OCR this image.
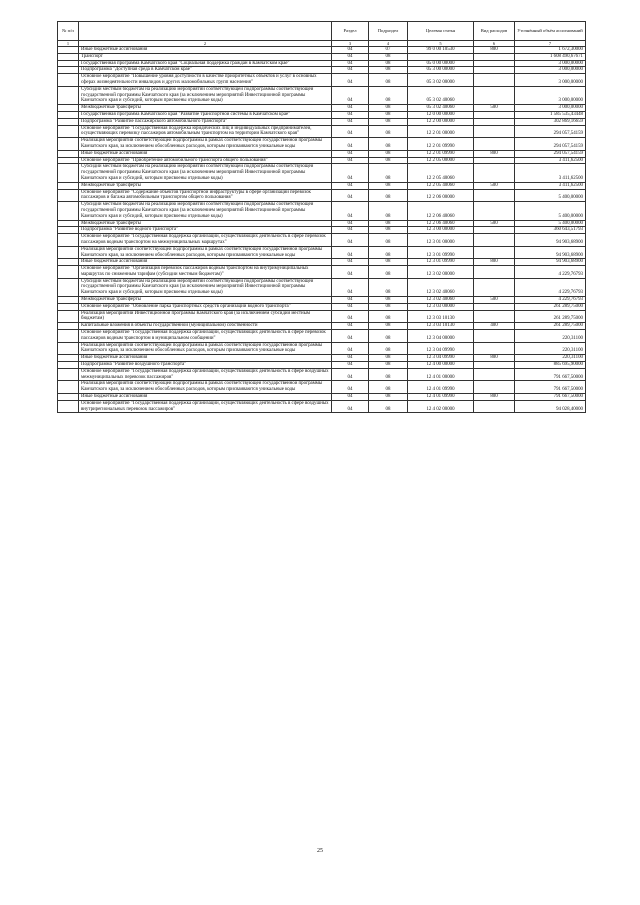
№ п/п		Раздел	Подраздел	Целевая статья	Вид расходов	Уточнённый объём ассигнований
1	2	3	4	5	6	7
	Иные бюджетные ассигнования	04	07	99 0 00 10530	800	1 672,30000
	Транспорт	04	08			1 608 490,67671
	Государственная программа Камчатского края "Социальная поддержка граждан в Камчатском крае"	04	08	05 0 00 00000		3 000,00000
	Подпрограмма "Доступная среда в Камчатском крае"	04	08	05 3 00 00000		3 000,00000
	Основное мероприятие "Повышение уровня доступности в качестве приоритетных объектов и услуг в основных сферах жизнедеятельности инвалидов и других маломобильных групп населения"	04	08	05 3 02 00000		3 000,00000
	Субсидии местным бюджетам на реализацию мероприятий соответствующей подпрограммы соответствующей государственной программы Камчатского края (за исключением мероприятий Инвестиционной программы Камчатского края и субсидий, которым присвоены отдельные коды)	04	08	05 3 02 40060		3 000,00000
	Межбюджетные трансферты	04	08	05 3 02 40060	500	3 000,00000
	Государственная программа Камчатского края "Развитие транспортной системы в Камчатском крае"	04	08	12 0 00 00000		1 585 535,43448
	Подпрограмма "Развитие пассажирского автомобильного транспорта"	04	08	12 2 00 00000		302 869,16659
	Основное мероприятие "Государственная поддержка юридических лиц и индивидуальных предпринимателей, осуществляющих перевозку пассажиров автомобильным транспортом на территории Камчатского края"	04	08	12 2 01 00000		294 057,54159
	Реализация мероприятий соответствующей подпрограммы в рамках соответствующей государственной программы Камчатского края, за исключением обособленных расходов, которым присваиваются уникальные коды	04	08	12 2 01 09990		294 057,54159
	Иные бюджетные ассигнования	04	08	12 2 01 09990	800	294 057,54159
	Основное мероприятие "Приобретение автомобильного транспорта общего пользования"	04	08	12 2 05 00000		3 411,62500
	Субсидии местным бюджетам на реализацию мероприятий соответствующей подпрограммы соответствующей государственной программы Камчатского края (за исключением мероприятий Инвестиционной программы Камчатского края и субсидий, которым присвоены отдельные коды)	04	08	12 2 05 40060		3 411,62500
	Межбюджетные трансферты	04	08	12 2 05 40060	500	3 411,62500
	Основное мероприятие "Содержание объектов транспортной инфраструктуры в сфере организации перевозок пассажиров и багажа автомобильным транспортом общего пользования"	04	08	12 2 06 00000		5 400,00000
	Субсидии местным бюджетам на реализацию мероприятий соответствующей подпрограммы соответствующей государственной программы Камчатского края (за исключением мероприятий Инвестиционной программы Камчатского края и субсидий, которым присвоены отдельные коды)	04	08	12 2 06 40060		5 400,00000
	Межбюджетные трансферты	04	08	12 2 06 40060	500	5 400,00000
	Подпрограмма "Развитие водного транспорта"	04	08	12 3 00 00000		360 643,51793
	Основное мероприятие "Государственная поддержка организаций, осуществляющих деятельность в сфере перевозок пассажиров водным транспортом на межмуниципальных маршрутах"	04	08	12 3 01 00000		94 903,68900
	Реализация мероприятий соответствующей подпрограммы в рамках соответствующей государственной программы Камчатского края, за исключением обособленных расходов, которым присваиваются уникальные коды	04	08	12 3 01 09990		94 903,68900
	Иные бюджетные ассигнования	04	08	12 3 01 09990	800	94 903,68900
	Основное мероприятие "Организация перевозок пассажиров водным транспортом на внутримуниципальных маршрутах по сниженным тарифам (субсидии местным бюджетам)"	04	08	12 3 02 00000		4 229,76793
	Субсидии местным бюджетам на реализацию мероприятий соответствующей подпрограммы соответствующей государственной программы Камчатского края (за исключением мероприятий Инвестиционной программы Камчатского края и субсидий, которым присвоены отдельные коды)	04	08	12 3 02 40060		4 229,76793
	Межбюджетные трансферты	04	08	12 3 02 40060	500	4 229,76793
	Основное мероприятие "Обновление парка транспортных средств организаций водного транспорта"	04	08	12 3 03 00000		261 289,75000
	Реализация мероприятий Инвестиционной программы Камчатского края (за исключением субсидий местным бюджетам)	04	08	12 3 03 10130		261 289,75000
	Капитальные вложения в объекты государственной (муниципальной) собственности	04	08	12 3 03 10130	400	261 289,75000
	Основное мероприятие "Государственная поддержка организаций, осуществляющих деятельность в сфере перевозок пассажиров водным транспортом в муниципальном сообщении"	04	08	12 3 04 00000		220,31100
	Реализация мероприятий соответствующей подпрограммы в рамках соответствующей государственной программы Камчатского края, за исключением обособленных расходов, которым присваиваются уникальные коды	04	08	12 3 04 09990		220,31100
	Иные бюджетные ассигнования	04	08	12 3 04 09990	800	220,31100
	Подпрограмма "Развитие воздушного транспорта"	04	08	12 4 00 00000		885 695,90000
	Основное мероприятие "Государственная поддержка организаций, осуществляющих деятельность в сфере воздушных межмуниципальных перевозок пассажиров"	04	08	12 4 01 00000		791 667,50000
	Реализация мероприятий соответствующей подпрограммы в рамках соответствующей государственной программы Камчатского края, за исключением обособленных расходов, которым присваиваются уникальные коды	04	08	12 4 01 09990		791 667,50000
	Иные бюджетные ассигнования	04	08	12 4 01 09990	800	791 667,50000
	Основное мероприятие "Государственная поддержка организаций, осуществляющих деятельность в сфере воздушных внутрирегиональных перевозок пассажиров"	04	08	12 4 02 00000		94 028,40000
25
